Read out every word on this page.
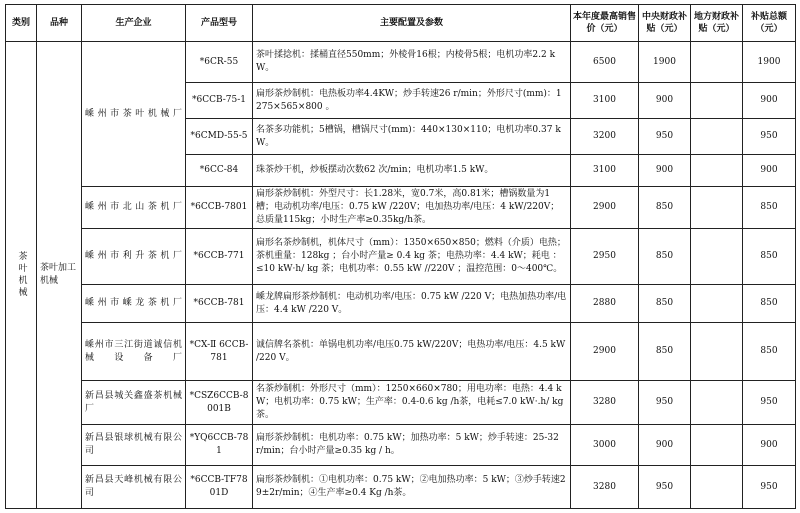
类别	品种	生产企业	产品型号	主要配置及参数	本年度最高销售价（元）	中央财政补贴（元）	地方财政补贴（元）	补贴总额（元）
茶叶机械	茶叶加工机械	嵊州市茶叶机械厂	*6CR-55	茶叶揉捻机：揉桶直径550mm；外棱骨16根；内棱骨5根；电机功率2.2 kW。	6500	1900		1900
			*6CCB-75-1	扁形茶炒制机：电热板功率4.4KW；炒手转速26 r/min；外形尺寸(mm)：1275×565×800 。	3100	900		900
			*6CMD-55-5	名茶多功能机；5槽锅，槽锅尺寸(mm)：440×130×110；电机功率0.37 kW。	3200	950		950
			*6CC-84	珠茶炒干机，炒板摆动次数62 次/min；电机功率1.5 kW。	3100	900		900
		嵊州市北山茶机厂	*6CCB-7801	扁形茶炒制机：外型尺寸：长1.28米，宽0.7米，高0.81米；槽锅数量为1槽；电动机功率/电压：0.75 kW /220V；电加热功率/电压：4 kW/220V；总质量115kg；小时生产率≥0.35kg/h茶。	2900	850		850
		嵊州市利升茶机厂	*6CCB-771	扁形名茶炒制机，机体尺寸（mm）：1350×650×850；燃料（介质）电热；茶机重量：128kg ；台小时产量≥ 0.4 kg 茶；电热功率：4.4 kW；耗电 ：≤10 kW·h/ kg 茶；电机功率：0.55 kW //220V ；温控范围：0～400℃。	2950	850		850
		嵊州市嵊龙茶机厂	*6CCB-781	嵊龙牌扁形茶炒制机：电动机功率/电压：0.75 kW /220 V；电热加热功率/电压：4.4 kW /220 V。	2880	850		850
		嵊州市三江街道诚信机械设备厂	*CX-Ⅱ 6CCB-781	诚信牌名茶机：单锅电机功率/电压0.75 kW/220V；电热功率/电压：4.5 kW /220 V。	2900	850		850
		新昌县城关鑫盛茶机械厂	*CSZ6CCB-8001B	名茶炒制机：外形尺寸（mm）：1250×660×780；用电功率：电热：4.4 kW；电机功率：0.75 kW；生产率：0.4-0.6 kg /h茶，电耗≤7.0 kW·.h/ kg 茶。	3280	950		950
		新昌县银球机械有限公司	*YQ6CCB-781	扁形茶炒制机：电机功率：0.75 kW；加热功率：5 kW；炒手转速：25-32 r/min；台小时产量≥0.35 kg / h。	3000	900		900
		新昌县天峰机械有限公司	*6CCB-TF7801D	扁形茶炒制机：①电机功率：0.75 kW；②电加热功率：5 kW；③炒手转速29±2r/min；④生产率≥0.4 Kg /h茶。	3280	950		950
